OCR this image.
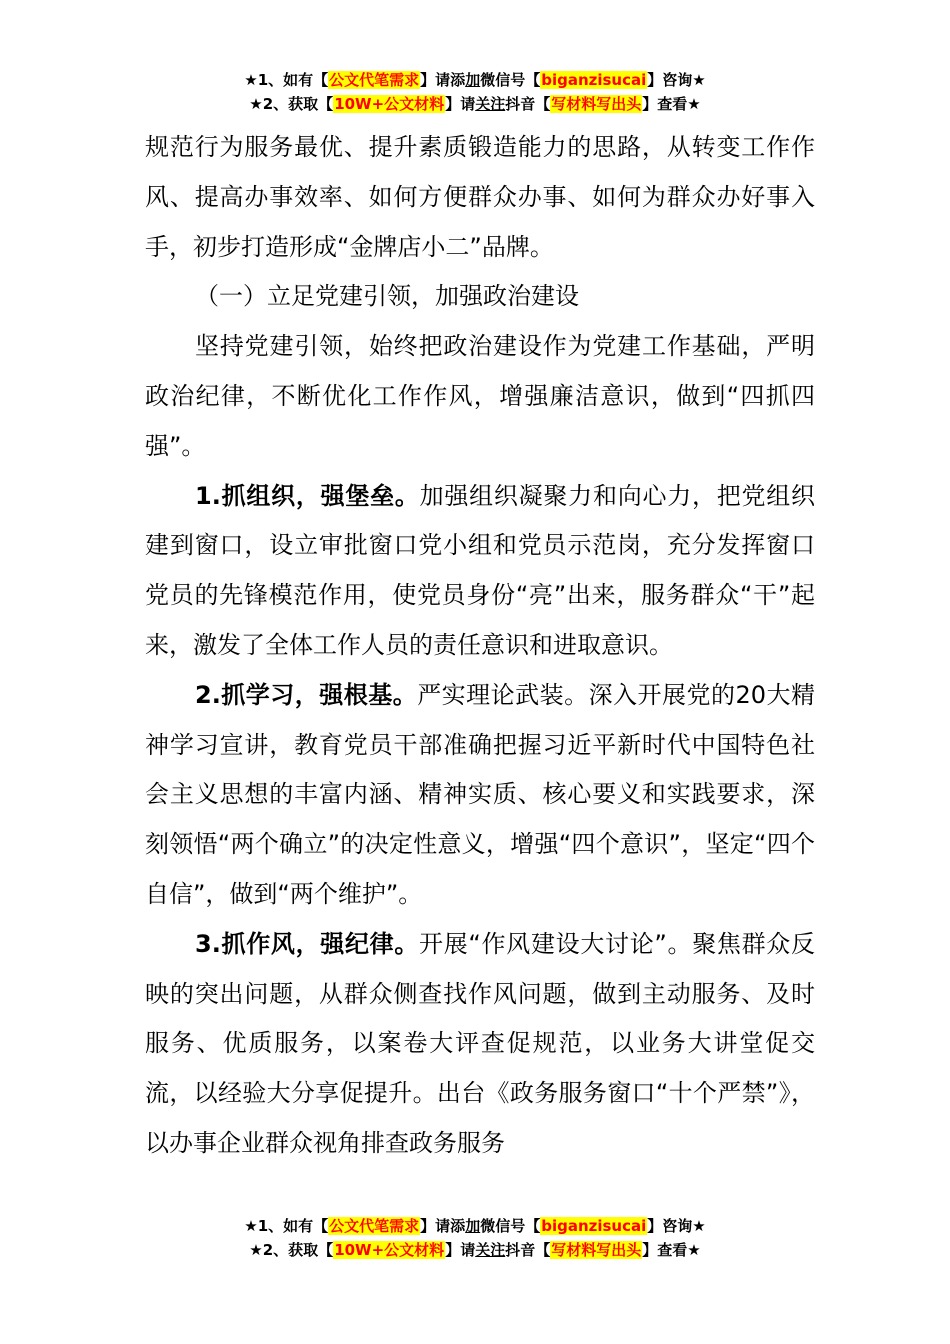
★1、如有【公文代笔需求】请添加微信号【biganzisucai】咨询★
★2、获取【10W+公文材料】请关注抖音【写材料写出头】查看★

规范行为服务最优、提升素质锻造能力的思路，从转变工作作风、提高办事效率、如何方便群众办事、如何为群众办好事入手，初步打造形成“金牌店小二”品牌。

（一）立足党建引领，加强政治建设

坚持党建引领，始终把政治建设作为党建工作基础，严明政治纪律，不断优化工作作风，增强廉洁意识，做到“四抓四强”。

1.抓组织，强堡垒。加强组织凝聚力和向心力，把党组织建到窗口，设立审批窗口党小组和党员示范岗，充分发挥窗口党员的先锋模范作用，使党员身份“亮”出来，服务群众“干”起来，激发了全体工作人员的责任意识和进取意识。

2.抓学习，强根基。严实理论武装。深入开展党的20大精神学习宣讲，教育党员干部准确把握习近平新时代中国特色社会主义思想的丰富内涵、精神实质、核心要义和实践要求，深刻领悟“两个确立”的决定性意义，增强“四个意识”，坚定“四个自信”，做到“两个维护”。

3.抓作风，强纪律。开展“作风建设大讨论”。聚焦群众反映的突出问题，从群众侧查找作风问题，做到主动服务、及时服务、优质服务，以案卷大评查促规范，以业务大讲堂促交流，以经验大分享促提升。出台《政务服务窗口“十个严禁”》，以办事企业群众视角排查政务服务

★1、如有【公文代笔需求】请添加微信号【biganzisucai】咨询★
★2、获取【10W+公文材料】请关注抖音【写材料写出头】查看★
